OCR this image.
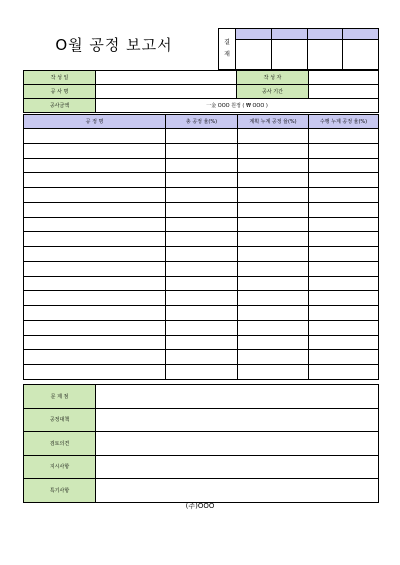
O월 공정 보고서	결
재				

작 성 일		작 성 자	
공 사 명		공사 기간	
공사금액	一金 OOO 원정 ( ₩ OOO )		
공 정 명	총 공정 율(%)	계획 누계 공정 율(%)	수행 누계 공정 율(%)

문 제 점	
공정대책	
검토의견	
지시사항	
특기사항	
(주)OOO
